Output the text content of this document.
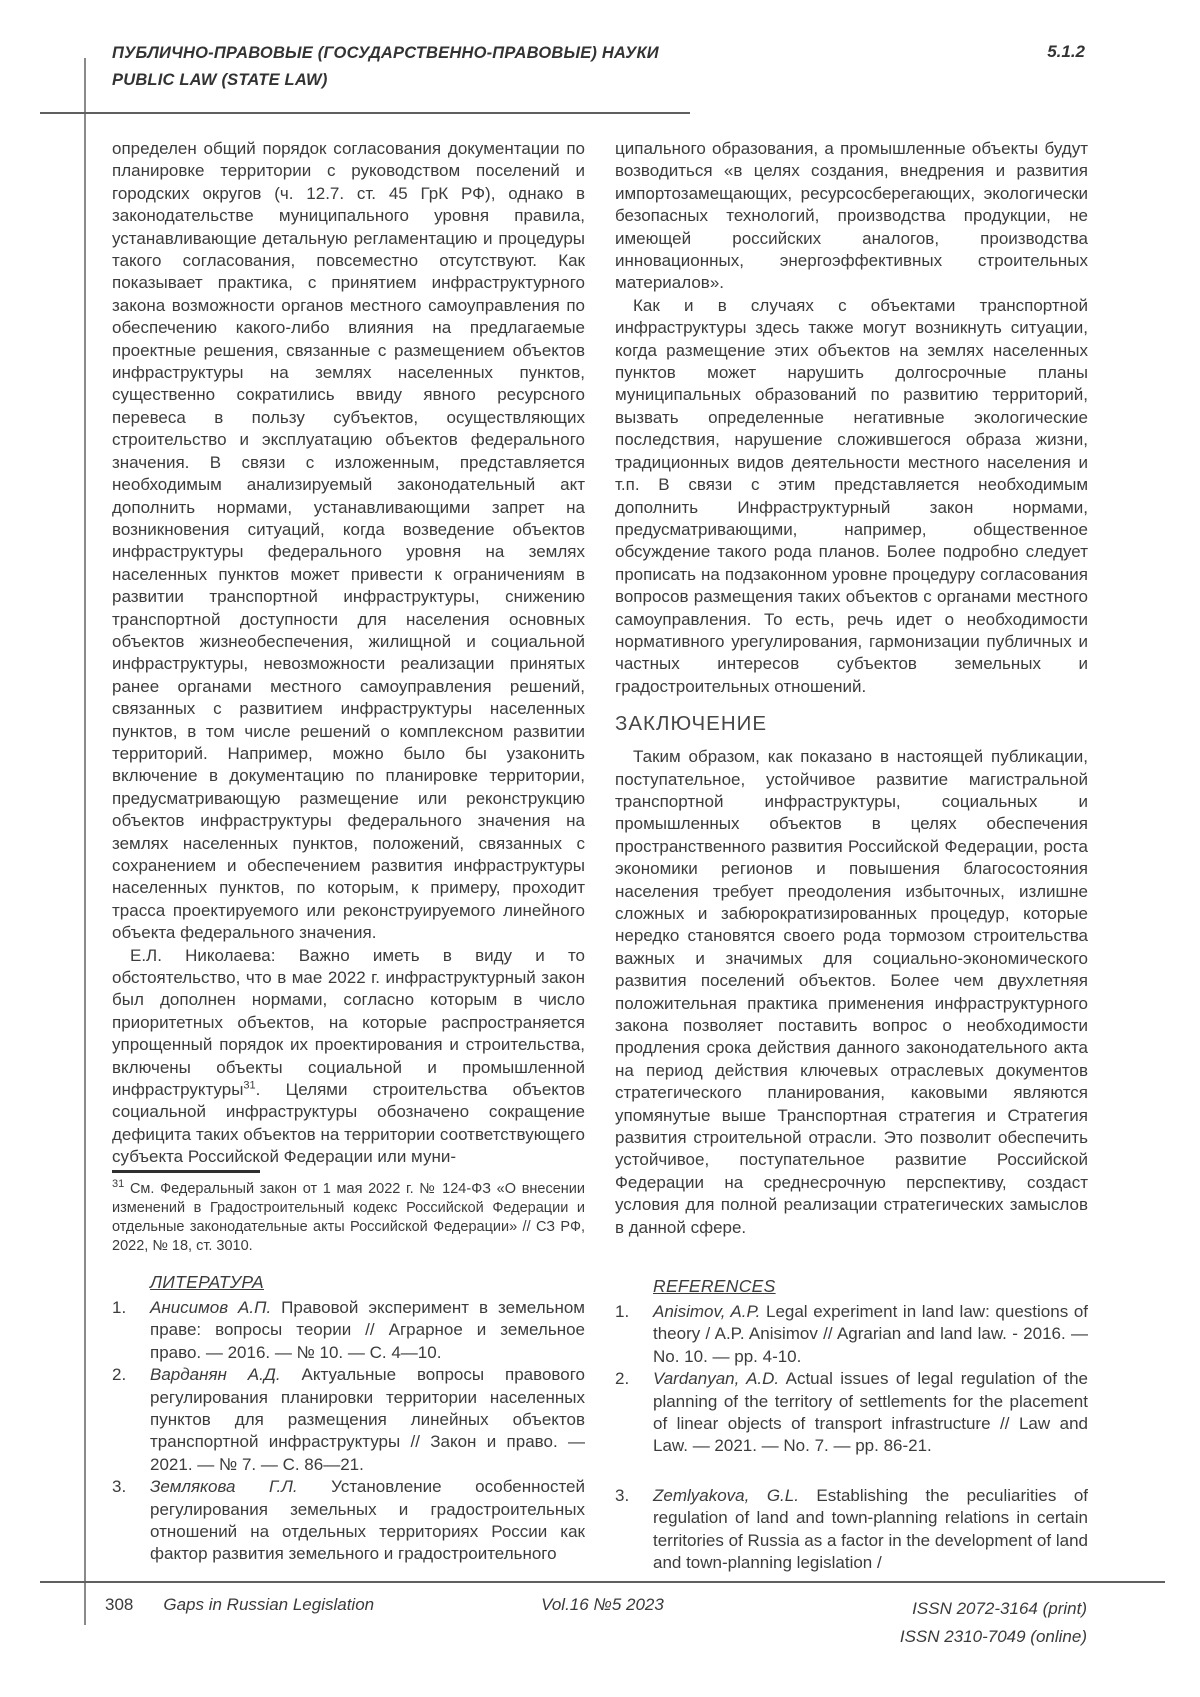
ПУБЛИЧНО-ПРАВОВЫЕ (ГОСУДАРСТВЕННО-ПРАВОВЫЕ) НАУКИ
PUBLIC LAW (STATE LAW)
5.1.2

определен общий порядок согласования документации по планировке территории с руководством поселений и городских округов (ч. 12.7. ст. 45 ГрК РФ), однако в законодательстве муниципального уровня правила, устанавливающие детальную регламентацию и процедуры такого согласования, повсеместно отсутствуют. Как показывает практика, с принятием инфраструктурного закона возможности органов местного самоуправления по обеспечению какого-либо влияния на предлагаемые проектные решения, связанные с размещением объектов инфраструктуры на землях населенных пунктов, существенно сократились ввиду явного ресурсного перевеса в пользу субъектов, осуществляющих строительство и эксплуатацию объектов федерального значения. В связи с изложенным, представляется необходимым анализируемый законодательный акт дополнить нормами, устанавливающими запрет на возникновения ситуаций, когда возведение объектов инфраструктуры федерального уровня на землях населенных пунктов может привести к ограничениям в развитии транспортной инфраструктуры, снижению транспортной доступности для населения основных объектов жизнеобеспечения, жилищной и социальной инфраструктуры, невозможности реализации принятых ранее органами местного самоуправления решений, связанных с развитием инфраструктуры населенных пунктов, в том числе решений о комплексном развитии территорий. Например, можно было бы узаконить включение в документацию по планировке территории, предусматривающую размещение или реконструкцию объектов инфраструктуры федерального значения на землях населенных пунктов, положений, связанных с сохранением и обеспечением развития инфраструктуры населенных пунктов, по которым, к примеру, проходит трасса проектируемого или реконструируемого линейного объекта федерального значения.

Е.Л. Николаева: Важно иметь в виду и то обстоятельство, что в мае 2022 г. инфраструктурный закон был дополнен нормами, согласно которым в число приоритетных объектов, на которые распространяется упрощенный порядок их проектирования и строительства, включены объекты социальной и промышленной инфраструктуры$^{31}$. Целями строительства объектов социальной инфраструктуры обозначено сокращение дефицита таких объектов на территории соответствующего субъекта Российской Федерации или муни-

$^{31}$ См. Федеральный закон от 1 мая 2022 г. № 124-ФЗ «О внесении изменений в Градостроительный кодекс Российской Федерации и отдельные законодательные акты Российской Федерации» // СЗ РФ, 2022, № 18, ст. 3010.

ЛИТЕРАТУРА
1.	Анисимов А.П. Правовой эксперимент в земельном праве: вопросы теории // Аграрное и земельное право. — 2016. — № 10. — С. 4—10.
2.	Варданян А.Д. Актуальные вопросы правового регулирования планировки территории населенных пунктов для размещения линейных объектов транспортной инфраструктуры // Закон и право. — 2021. — № 7. — С. 86—21.
3.	Землякова Г.Л. Установление особенностей регулирования земельных и градостроительных отношений на отдельных территориях России как фактор развития земельного и градостроительного

ципального образования, а промышленные объекты будут возводиться «в целях создания, внедрения и развития импортозамещающих, ресурсосберегающих, экологически безопасных технологий, производства продукции, не имеющей российских аналогов, производства инновационных, энергоэффективных строительных материалов».

Как и в случаях с объектами транспортной инфраструктуры здесь также могут возникнуть ситуации, когда размещение этих объектов на землях населенных пунктов может нарушить долгосрочные планы муниципальных образований по развитию территорий, вызвать определенные негативные экологические последствия, нарушение сложившегося образа жизни, традиционных видов деятельности местного населения и т.п. В связи с этим представляется необходимым дополнить Инфраструктурный закон нормами, предусматривающими, например, общественное обсуждение такого рода планов. Более подробно следует прописать на подзаконном уровне процедуру согласования вопросов размещения таких объектов с органами местного самоуправления. То есть, речь идет о необходимости нормативного урегулирования, гармонизации публичных и частных интересов субъектов земельных и градостроительных отношений.

ЗАКЛЮЧЕНИЕ

Таким образом, как показано в настоящей публикации, поступательное, устойчивое развитие магистральной транспортной инфраструктуры, социальных и промышленных объектов в целях обеспечения пространственного развития Российской Федерации, роста экономики регионов и повышения благосостояния населения требует преодоления избыточных, излишне сложных и забюрократизированных процедур, которые нередко становятся своего рода тормозом строительства важных и значимых для социально-экономического развития поселений объектов. Более чем двухлетняя положительная практика применения инфраструктурного закона позволяет поставить вопрос о необходимости продления срока действия данного законодательного акта на период действия ключевых отраслевых документов стратегического планирования, каковыми являются упомянутые выше Транспортная стратегия и Стратегия развития строительной отрасли. Это позволит обеспечить устойчивое, поступательное развитие Российской Федерации на среднесрочную перспективу, создаст условия для полной реализации стратегических замыслов в данной сфере.

REFERENCES
1.	Anisimov, A.P. Legal experiment in land law: questions of theory / A.P. Anisimov // Agrarian and land law. - 2016. — No. 10. — pp. 4-10.
2.	Vardanyan, A.D. Actual issues of legal regulation of the planning of the territory of settlements for the placement of linear objects of transport infrastructure // Law and Law. — 2021. — No. 7. — pp. 86-21.
3.	Zemlyakova, G.L. Establishing the peculiarities of regulation of land and town-planning relations in certain territories of Russia as a factor in the development of land and town-planning legislation /
308 Gaps in Russian Legislation	Vol.16 №5 2023	ISSN 2072-3164 (print)
ISSN 2310-7049 (online)
